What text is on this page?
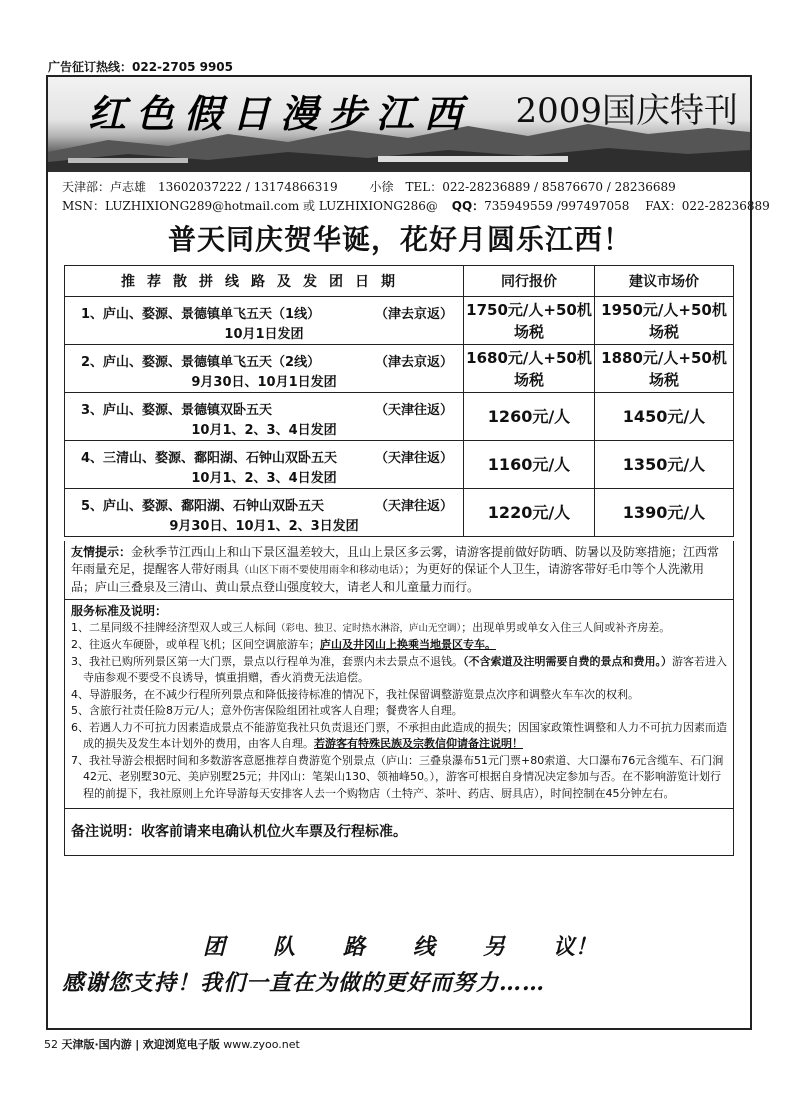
广告征订热线：022-2705 9905
红色假日漫步江西 2009国庆特刊
天津部：卢志雄　13602037222 / 13174866319	小徐　TEL：022-28236889 / 85876670 / 28236689
MSN：LUZHIXIONG289@hotmail.com 或 LUZHIXIONG286@ QQ：735949559 /997497058 FAX：022-28236889
普天同庆贺华诞，花好月圆乐江西！
推荐散拼线路及发团日期	同行报价	建议市场价

1、庐山、婺源、景德镇单飞五天（1线） （津去京返）
10月1日发团	1750元/人+50机场税	1950元/人+50机场税

2、庐山、婺源、景德镇单飞五天（2线） （津去京返）
9月30日、10月1日发团	1680元/人+50机场税	1880元/人+50机场税

3、庐山、婺源、景德镇双卧五天 （天津往返）
10月1、2、3、4日发团	1260元/人	1450元/人

4、三清山、婺源、鄱阳湖、石钟山双卧五天 （天津往返）
10月1、2、3、4日发团	1160元/人	1350元/人

5、庐山、婺源、鄱阳湖、石钟山双卧五天 （天津往返）
9月30日、10月1、2、3日发团	1220元/人	1390元/人
友情提示：金秋季节江西山上和山下景区温差较大，且山上景区多云雾，请游客提前做好防晒、防暑以及防寒措施；江西常年雨量充足，提醒客人带好雨具（山区下雨不要使用雨伞和移动电话）；为更好的保证个人卫生，请游客带好毛巾等个人洗漱用品；庐山三叠泉及三清山、黄山景点登山强度较大，请老人和儿童量力而行。
服务标准及说明：
1、二星同级不挂牌经济型双人或三人标间（彩电、独卫、定时热水淋浴，庐山无空调）；出现单男或单女入住三人间或补齐房差。
2、往返火车硬卧，或单程飞机；区间空调旅游车；庐山及井冈山上换乘当地景区专车。
3、我社已购所列景区第一大门票，景点以行程单为准，套票内未去景点不退钱。（不含索道及注明需要自费的景点和费用。）游客若进入寺庙参观不要受不良诱导，慎重捐赠，香火消费无法追偿。
4、导游服务，在不减少行程所列景点和降低接待标准的情况下，我社保留调整游览景点次序和调整火车车次的权利。
5、含旅行社责任险8万元/人；意外伤害保险组团社或客人自理；餐费客人自理。
6、若遇人力不可抗力因素造成景点不能游览我社只负责退还门票，不承担由此造成的损失；因国家政策性调整和人力不可抗力因素而造成的损失及发生本计划外的费用，由客人自理。若游客有特殊民族及宗教信仰请备注说明！
7、我社导游会根据时间和多数游客意愿推荐自费游览个别景点（庐山：三叠泉瀑布51元门票+80索道、大口瀑布76元含缆车、石门涧42元、老别墅30元、美庐别墅25元；井冈山：笔架山130、领袖峰50。），游客可根据自身情况决定参加与否。在不影响游览计划行程的前提下，我社原则上允许导游每天安排客人去一个购物店（土特产、茶叶、药店、厨具店），时间控制在45分钟左右。
备注说明：收客前请来电确认机位火车票及行程标准。
团 队 路 线 另 议！
感谢您支持！我们一直在为做的更好而努力……
52 天津版·国内游 | 欢迎浏览电子版 www.zyoo.net
